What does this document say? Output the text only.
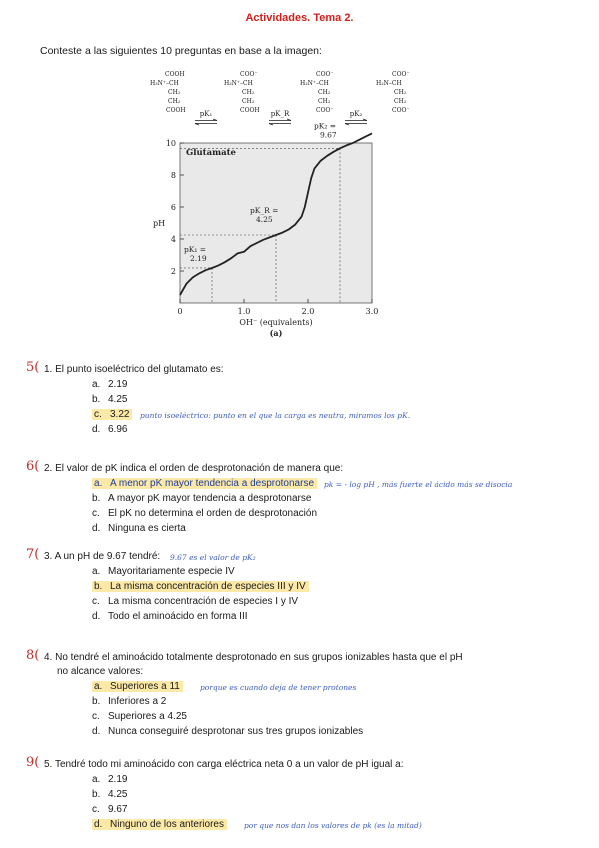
Actividades. Tema 2.
Conteste a las siguientes 10 preguntas en base a la imagen:
COOH
H₃N⁺–CH
CH₂
CH₂
COOH	pK₁
COO⁻
H₃N⁺–CH
CH₂
CH₂
COOH	pK_R
COO⁻
H₃N⁺–CH
CH₂
CH₂
COO⁻	pK₂
COO⁻
H₂N–CH
CH₂
CH₂
COO⁻
2
4
6
8
10
0	1.0	2.0	3.0
pH
OH⁻ (equivalents)
(a)
Glutamate
pK₁ =
2.19
pK_R =
4.25
pK₂ =
9.67
5( 1. El punto isoeléctrico del glutamato es:
a. 2.19
b. 4.25
c. 3.22	punto isoeléctrico: punto en el que la carga es neutra, miramos los pK.
d. 6.96
6( 2. El valor de pK indica el orden de desprotonación de manera que:
a. A menor pK mayor tendencia a desprotonarse	pk = - log pH , más fuerte el ácido más se disocia
b. A mayor pK mayor tendencia a desprotonarse
c. El pK no determina el orden de desprotonación
d. Ninguna es cierta
7( 3. A un pH de 9.67 tendré: 9.67 es el valor de pK₂
a. Mayoritariamente especie IV
b. La misma concentración de especies III y IV
c. La misma concentración de especies I y IV
d. Todo el aminoácido en forma III
8( 4. No tendré el aminoácido totalmente desprotonado en sus grupos ionizables hasta que el pH
no alcance valores:
a. Superiores a 11	porque es cuando deja de tener protones
b. Inferiores a 2
c. Superiores a 4.25
d. Nunca conseguiré desprotonar sus tres grupos ionizables
9( 5. Tendré todo mi aminoácido con carga eléctrica neta 0 a un valor de pH igual a:
a. 2.19
b. 4.25
c. 9.67
d. Ninguno de los anteriores	por que nos dan los valores de pk (es la mitad)
